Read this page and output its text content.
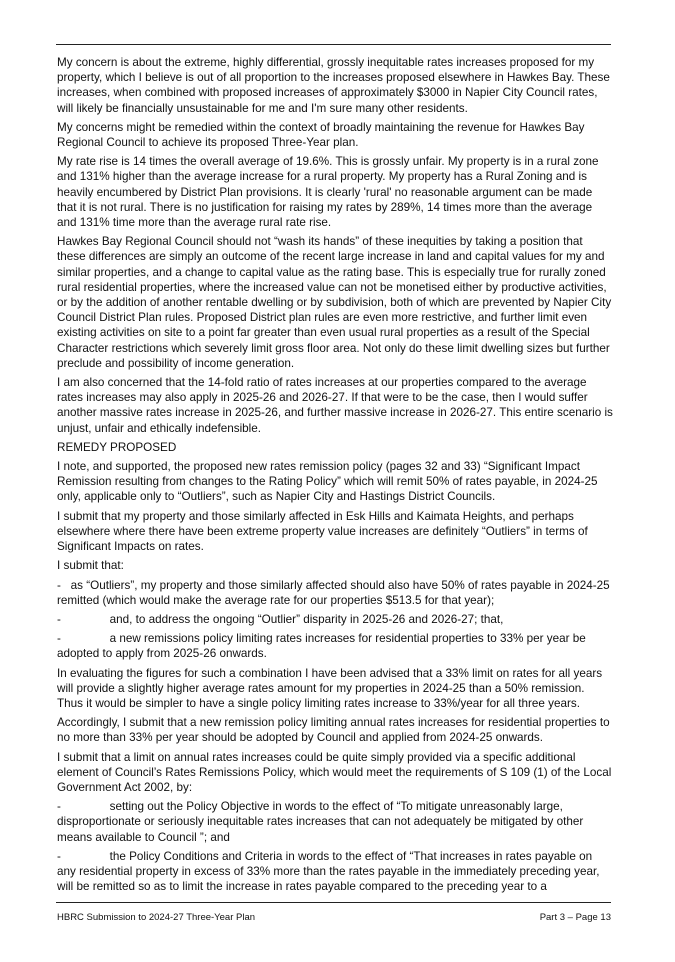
My concern is about the extreme, highly differential, grossly inequitable rates increases proposed for my property, which I believe is out of all proportion to the increases proposed elsewhere in Hawkes Bay. These increases, when combined with proposed increases of approximately $3000 in Napier City Council rates, will likely be financially unsustainable for me and I'm sure many other residents.

My concerns might be remedied within the context of broadly maintaining the revenue for Hawkes Bay Regional Council to achieve its proposed Three-Year plan.

My rate rise is 14 times the overall average of 19.6%. This is grossly unfair. My property is in a rural zone and 131% higher than the average increase for a rural property. My property has a Rural Zoning and is heavily encumbered by District Plan provisions. It is clearly 'rural' no reasonable argument can be made that it is not rural. There is no justification for raising my rates by 289%, 14 times more than the average and 131% time more than the average rural rate rise.

Hawkes Bay Regional Council should not “wash its hands” of these inequities by taking a position that these differences are simply an outcome of the recent large increase in land and capital values for my and similar properties, and a change to capital value as the rating base. This is especially true for rurally zoned rural residential properties, where the increased value can not be monetised either by productive activities, or by the addition of another rentable dwelling or by subdivision, both of which are prevented by Napier City Council District Plan rules. Proposed District plan rules are even more restrictive, and further limit even existing activities on site to a point far greater than even usual rural properties as a result of the Special Character restrictions which severely limit gross floor area. Not only do these limit dwelling sizes but further preclude and possibility of income generation.

I am also concerned that the 14-fold ratio of rates increases at our properties compared to the average rates increases may also apply in 2025-26 and 2026-27. If that were to be the case, then I would suffer another massive rates increase in 2025-26, and further massive increase in 2026-27. This entire scenario is unjust, unfair and ethically indefensible.

REMEDY PROPOSED

I note, and supported, the proposed new rates remission policy (pages 32 and 33) “Significant Impact Remission resulting from changes to the Rating Policy” which will remit 50% of rates payable, in 2024-25 only, applicable only to “Outliers”, such as Napier City and Hastings District Councils.

I submit that my property and those similarly affected in Esk Hills and Kaimata Heights, and perhaps elsewhere where there have been extreme property value increases are definitely “Outliers” in terms of Significant Impacts on rates.

I submit that:

-   as “Outliers”, my property and those similarly affected should also have 50% of rates payable in 2024-25 remitted (which would make the average rate for our properties $513.5 for that year);

-               and, to address the ongoing “Outlier” disparity in 2025-26 and 2026-27; that,

-               a new remissions policy limiting rates increases for residential properties to 33% per year be adopted to apply from 2025-26 onwards.

In evaluating the figures for such a combination I have been advised that a 33% limit on rates for all years will provide a slightly higher average rates amount for my properties in 2024-25 than a 50% remission. Thus it would be simpler to have a single policy limiting rates increase to 33%/year for all three years.

Accordingly, I submit that a new remission policy limiting annual rates increases for residential properties to no more than 33% per year should be adopted by Council and applied from 2024-25 onwards.

I submit that a limit on annual rates increases could be quite simply provided via a specific additional element of Council’s Rates Remissions Policy, which would meet the requirements of S 109 (1) of the Local Government Act 2002, by:

-               setting out the Policy Objective in words to the effect of “To mitigate unreasonably large, disproportionate or seriously inequitable rates increases that can not adequately be mitigated by other means available to Council ”; and

-               the Policy Conditions and Criteria in words to the effect of “That increases in rates payable on any residential property in excess of 33% more than the rates payable in the immediately preceding year, will be remitted so as to limit the increase in rates payable compared to the preceding year to a

HBRC Submission to 2024-27 Three-Year Plan	Part 3 – Page 13
